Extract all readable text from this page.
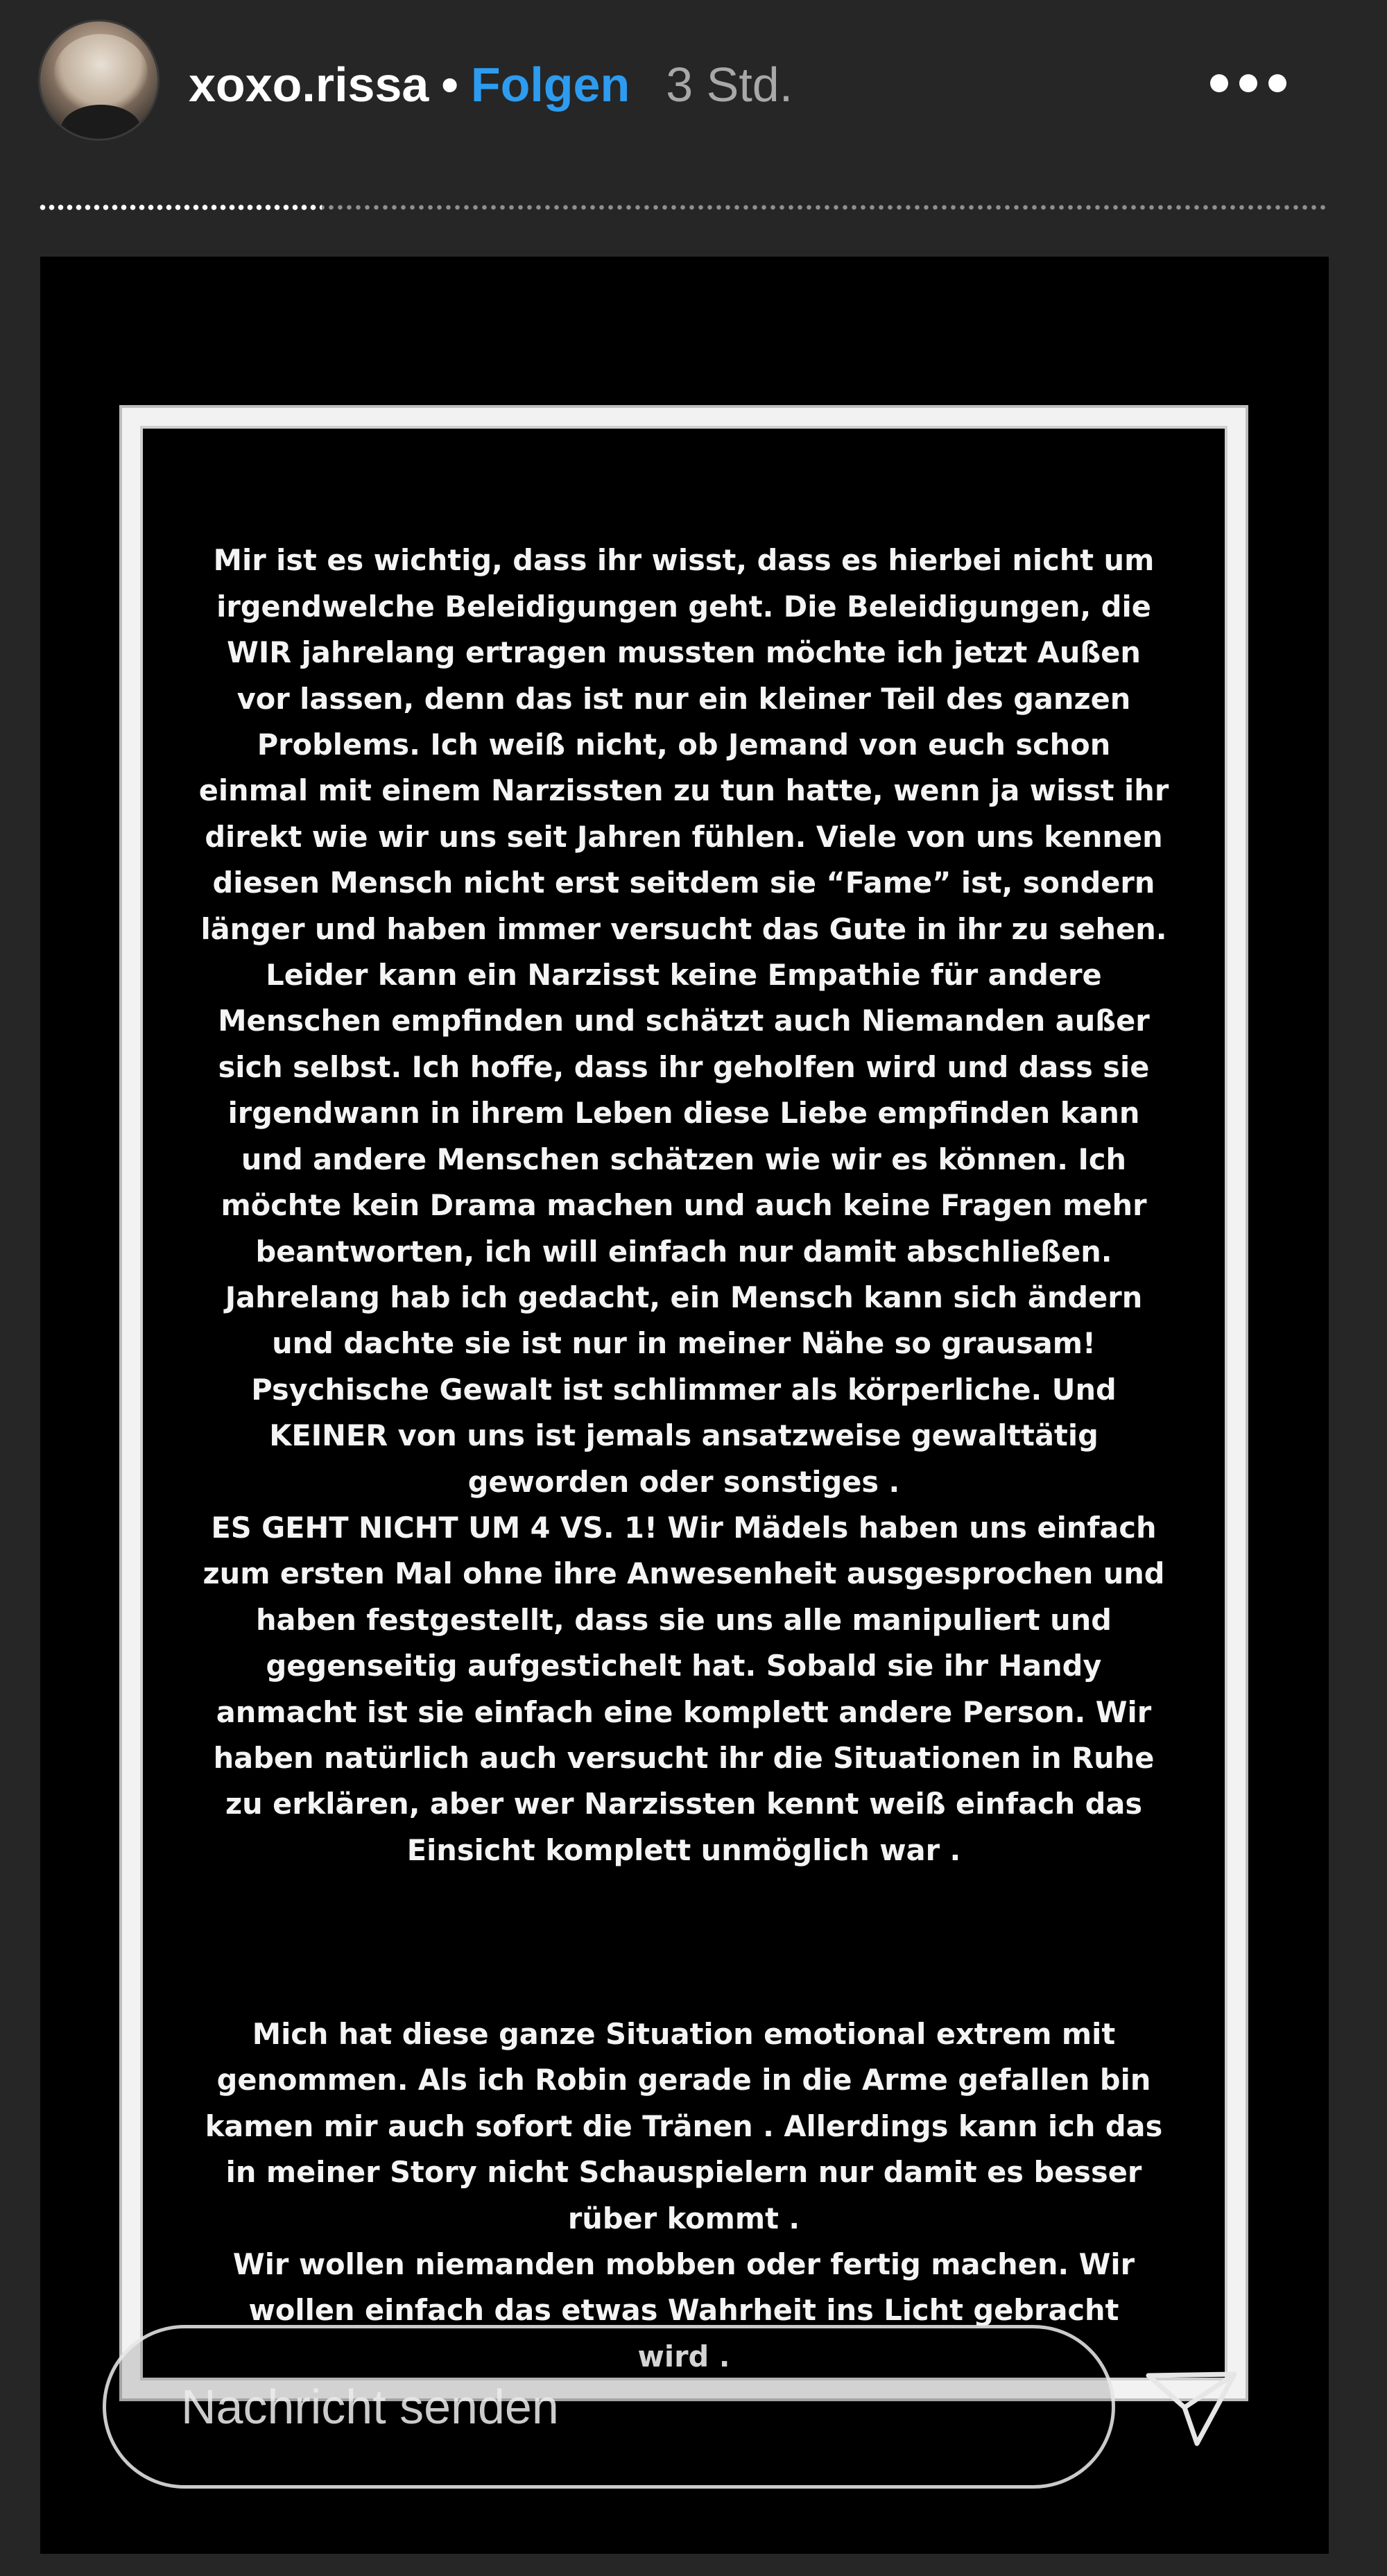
xoxo.rissa • Folgen 3 Std.

Mir ist es wichtig, dass ihr wisst, dass es hierbei nicht um
irgendwelche Beleidigungen geht. Die Beleidigungen, die
WIR jahrelang ertragen mussten möchte ich jetzt Außen
vor lassen, denn das ist nur ein kleiner Teil des ganzen
Problems. Ich weiß nicht, ob Jemand von euch schon
einmal mit einem Narzissten zu tun hatte, wenn ja wisst ihr
direkt wie wir uns seit Jahren fühlen. Viele von uns kennen
diesen Mensch nicht erst seitdem sie “Fame” ist, sondern
länger und haben immer versucht das Gute in ihr zu sehen.
Leider kann ein Narzisst keine Empathie für andere
Menschen empfinden und schätzt auch Niemanden außer
sich selbst. Ich hoffe, dass ihr geholfen wird und dass sie
irgendwann in ihrem Leben diese Liebe empfinden kann
und andere Menschen schätzen wie wir es können. Ich
möchte kein Drama machen und auch keine Fragen mehr
beantworten, ich will einfach nur damit abschließen.
Jahrelang hab ich gedacht, ein Mensch kann sich ändern
und dachte sie ist nur in meiner Nähe so grausam!
Psychische Gewalt ist schlimmer als körperliche. Und
KEINER von uns ist jemals ansatzweise gewalttätig
geworden oder sonstiges .
ES GEHT NICHT UM 4 VS. 1! Wir Mädels haben uns einfach
zum ersten Mal ohne ihre Anwesenheit ausgesprochen und
haben festgestellt, dass sie uns alle manipuliert und
gegenseitig aufgestichelt hat. Sobald sie ihr Handy
anmacht ist sie einfach eine komplett andere Person. Wir
haben natürlich auch versucht ihr die Situationen in Ruhe
zu erklären, aber wer Narzissten kennt weiß einfach das
Einsicht komplett unmöglich war .

Mich hat diese ganze Situation emotional extrem mit
genommen. Als ich Robin gerade in die Arme gefallen bin
kamen mir auch sofort die Tränen . Allerdings kann ich das
in meiner Story nicht Schauspielern nur damit es besser
rüber kommt .
Wir wollen niemanden mobben oder fertig machen. Wir
wollen einfach das etwas Wahrheit ins Licht gebracht
wird .

Nachricht senden
